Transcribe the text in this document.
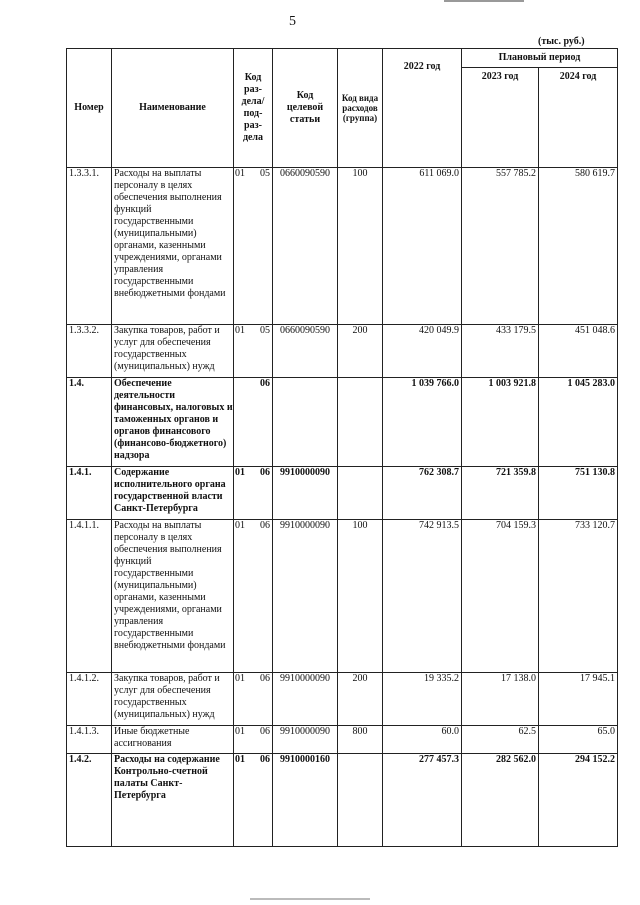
5
(тыс. руб.)
Номер	Наименование	Код раз-дела/ под-раз-дела	Код целевой статьи	Код вида расходов (группа)	2022 год	Плановый период	
						2023 год	2024 год
1.3.3.1.	Расходы на выплаты персоналу в целях обеспечения выполнения функций государственными (муниципальными) органами, казенными учреждениями, органами управления государственными внебюджетными фондами	01 05	0660090590	100	611 069.0	557 785.2	580 619.7
1.3.3.2.	Закупка товаров, работ и услуг для обеспечения государственных (муниципальных) нужд	01 05	0660090590	200	420 049.9	433 179.5	451 048.6
1.4.	Обеспечение деятельности финансовых, налоговых и таможенных органов и органов финансового (финансово-бюджетного) надзора	06			1 039 766.0	1 003 921.8	1 045 283.0
1.4.1.	Содержание исполнительного органа государственной власти Санкт-Петербурга	01 06	9910000090		762 308.7	721 359.8	751 130.8
1.4.1.1.	Расходы на выплаты персоналу в целях обеспечения выполнения функций государственными (муниципальными) органами, казенными учреждениями, органами управления государственными внебюджетными фондами	01 06	9910000090	100	742 913.5	704 159.3	733 120.7
1.4.1.2.	Закупка товаров, работ и услуг для обеспечения государственных (муниципальных) нужд	01 06	9910000090	200	19 335.2	17 138.0	17 945.1
1.4.1.3.	Иные бюджетные ассигнования	01 06	9910000090	800	60.0	62.5	65.0
1.4.2.	Расходы на содержание Контрольно-счетной палаты Санкт-Петербурга	01 06	9910000160		277 457.3	282 562.0	294 152.2
